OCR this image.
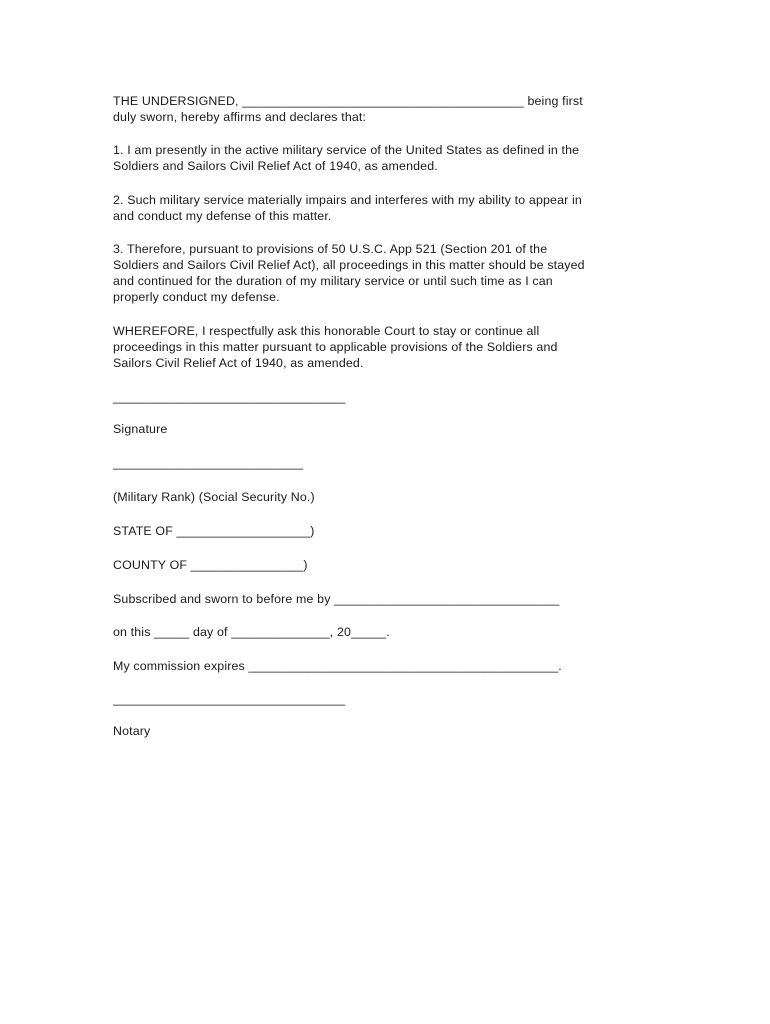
THE UNDERSIGNED, ________________________________________ being first
duly sworn, hereby affirms and declares that:

1. I am presently in the active military service of the United States as defined in the
Soldiers and Sailors Civil Relief Act of 1940, as amended.

2. Such military service materially impairs and interferes with my ability to appear in
and conduct my defense of this matter.

3. Therefore, pursuant to provisions of 50 U.S.C. App 521 (Section 201 of the
Soldiers and Sailors Civil Relief Act), all proceedings in this matter should be stayed
and continued for the duration of my military service or until such time as I can
properly conduct my defense.

WHEREFORE, I respectfully ask this honorable Court to stay or continue all
proceedings in this matter pursuant to applicable provisions of the Soldiers and
Sailors Civil Relief Act of 1940, as amended.

_________________________________

Signature

___________________________

(Military Rank) (Social Security No.)

STATE OF ___________________)

COUNTY OF ________________)

Subscribed and sworn to before me by ________________________________

on this _____ day of ______________, 20_____.

My commission expires ____________________________________________.

_________________________________

Notary
